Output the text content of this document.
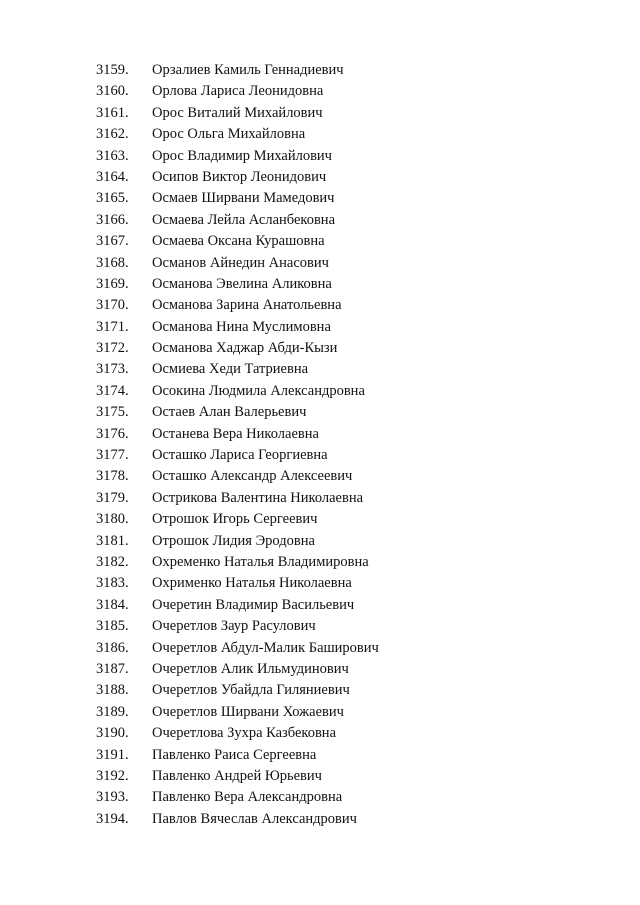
3159.	Орзалиев Камиль Геннадиевич
3160.	Орлова Лариса Леонидовна
3161.	Орос Виталий Михайлович
3162.	Орос Ольга Михайловна
3163.	Орос Владимир Михайлович
3164.	Осипов Виктор Леонидович
3165.	Осмаев Ширвани Мамедович
3166.	Осмаева Лейла Асланбековна
3167.	Осмаева Оксана Курашовна
3168.	Османов Айнедин Анасович
3169.	Османова Эвелина Аликовна
3170.	Османова Зарина Анатольевна
3171.	Османова Нина Муслимовна
3172.	Османова Хаджар Абди-Кызи
3173.	Осмиева Хеди Татриевна
3174.	Осокина Людмила Александровна
3175.	Остаев Алан Валерьевич
3176.	Останева Вера Николаевна
3177.	Осташко Лариса Георгиевна
3178.	Осташко Александр Алексеевич
3179.	Острикова Валентина Николаевна
3180.	Отрошок Игорь Сергеевич
3181.	Отрошок Лидия Эродовна
3182.	Охременко Наталья Владимировна
3183.	Охрименко Наталья Николаевна
3184.	Очеретин Владимир Васильевич
3185.	Очеретлов Заур Расулович
3186.	Очеретлов Абдул-Малик Баширович
3187.	Очеретлов Алик Ильмудинович
3188.	Очеретлов Убайдла Гиляниевич
3189.	Очеретлов Ширвани Хожаевич
3190.	Очеретлова Зухра Казбековна
3191.	Павленко Раиса Сергеевна
3192.	Павленко Андрей Юрьевич
3193.	Павленко Вера Александровна
3194.	Павлов Вячеслав Александрович
